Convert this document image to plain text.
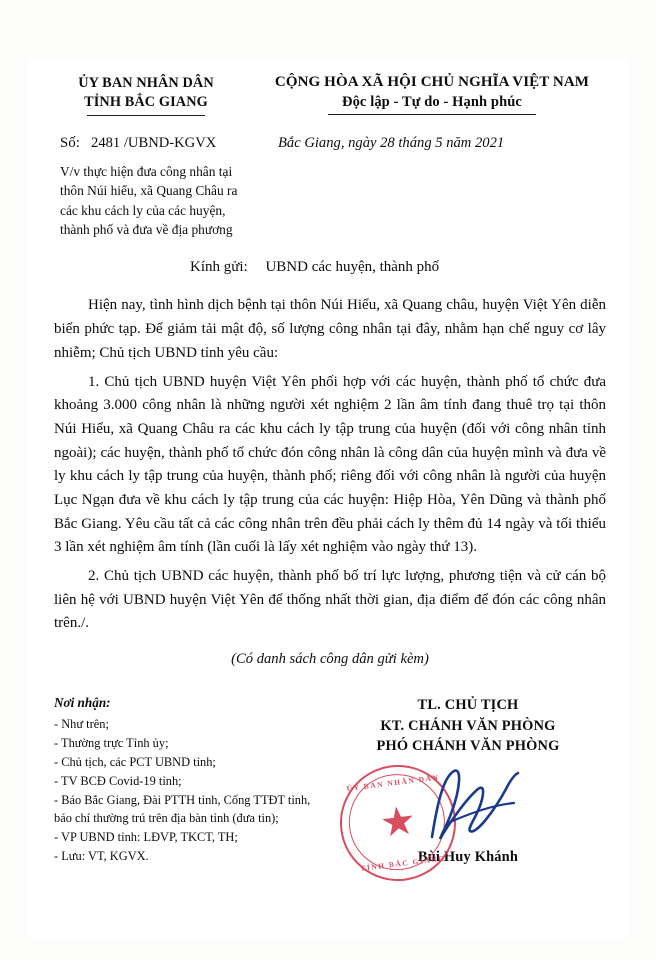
ỦY BAN NHÂN DÂN
TỈNH BẮC GIANG
CỘNG HÒA XÃ HỘI CHỦ NGHĨA VIỆT NAM
Độc lập - Tự do - Hạnh phúc
Số: 2481 /UBND-KGVX	Bắc Giang, ngày 28 tháng 5 năm 2021
V/v thực hiện đưa công nhân tại
thôn Núi hiểu, xã Quang Châu ra
các khu cách ly của các huyện,
thành phố và đưa về địa phương
Kính gửi: UBND các huyện, thành phố

Hiện nay, tình hình dịch bệnh tại thôn Núi Hiểu, xã Quang châu, huyện Việt Yên diễn biến phức tạp. Để giảm tải mật độ, số lượng công nhân tại đây, nhằm hạn chế nguy cơ lây nhiễm; Chủ tịch UBND tỉnh yêu cầu:

1. Chủ tịch UBND huyện Việt Yên phối hợp với các huyện, thành phố tổ chức đưa khoảng 3.000 công nhân là những người xét nghiệm 2 lần âm tính đang thuê trọ tại thôn Núi Hiểu, xã Quang Châu ra các khu cách ly tập trung của huyện (đối với công nhân tỉnh ngoài); các huyện, thành phố tổ chức đón công nhân là công dân của huyện mình và đưa về ly khu cách ly tập trung của huyện, thành phố; riêng đối với công nhân là người của huyện Lục Ngạn đưa về khu cách ly tập trung của các huyện: Hiệp Hòa, Yên Dũng và thành phố Bắc Giang. Yêu cầu tất cả các công nhân trên đều phải cách ly thêm đủ 14 ngày và tối thiểu 3 lần xét nghiệm âm tính (lần cuối là lấy xét nghiệm vào ngày thứ 13).

2. Chủ tịch UBND các huyện, thành phố bố trí lực lượng, phương tiện và cử cán bộ liên hệ với UBND huyện Việt Yên để thống nhất thời gian, địa điểm để đón các công nhân trên./.

(Có danh sách công dân gửi kèm)
Nơi nhận:
- Như trên;
- Thường trực Tỉnh ủy;
- Chủ tịch, các PCT UBND tỉnh;
- TV BCĐ Covid-19 tỉnh;
- Báo Bắc Giang, Đài PTTH tỉnh, Cổng TTĐT tỉnh,
báo chí thường trú trên địa bàn tỉnh (đưa tin);
- VP UBND tỉnh: LĐVP, TKCT, TH;
- Lưu: VT, KGVX.
TL. CHỦ TỊCH
KT. CHÁNH VĂN PHÒNG
PHÓ CHÁNH VĂN PHÒNG
ỦY BAN NHÂN DÂN
★
TỈNH BẮC GIANG
Bùi Huy Khánh
